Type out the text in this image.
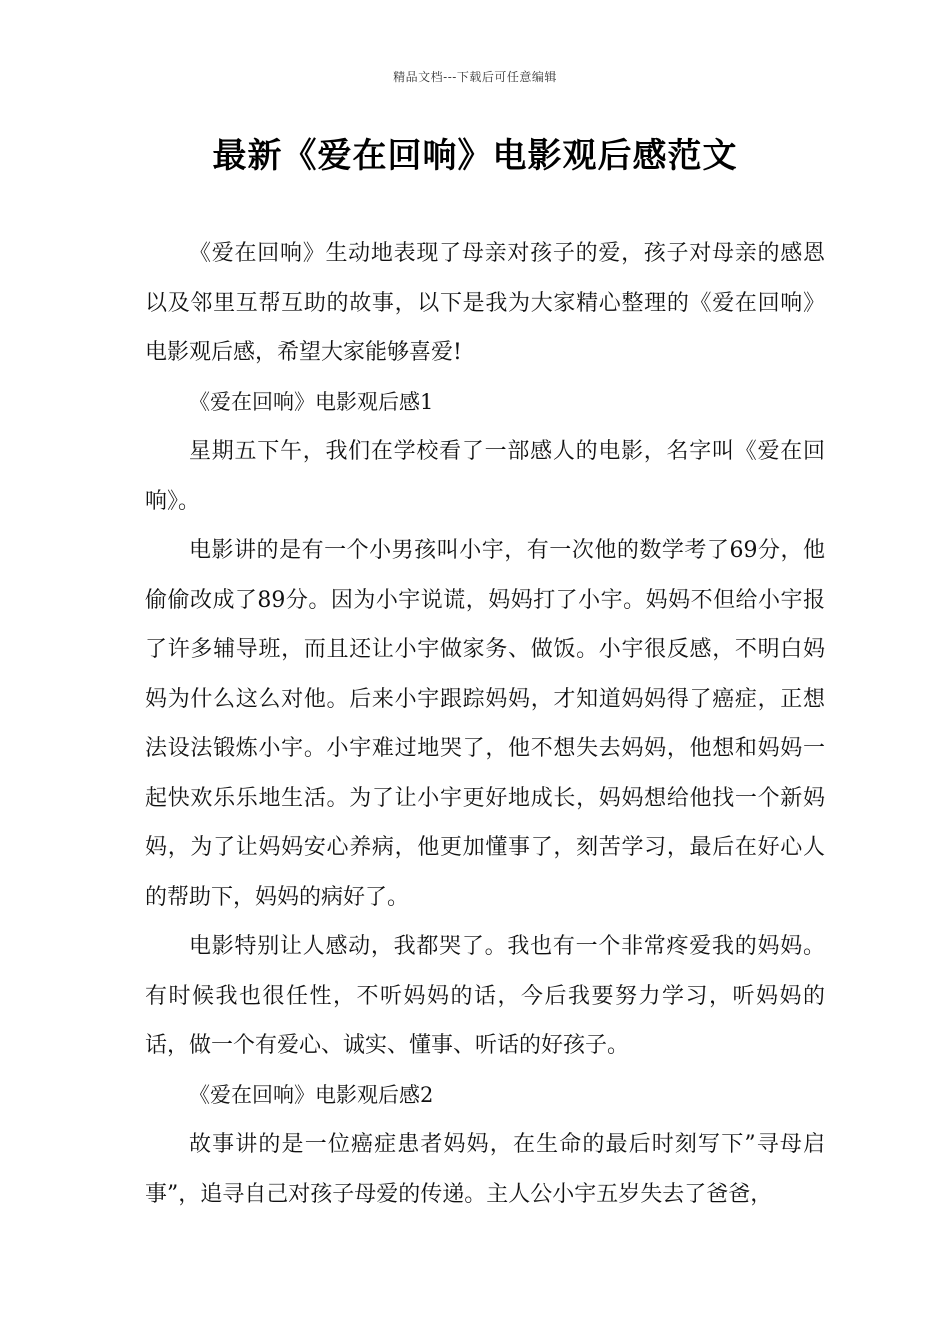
精品文档---下载后可任意编辑
最新《爱在回响》电影观后感范文

《爱在回响》生动地表现了母亲对孩子的爱，孩子对母亲的感恩以及邻里互帮互助的故事，以下是我为大家精心整理的《爱在回响》电影观后感，希望大家能够喜爱!

《爱在回响》电影观后感1

星期五下午，我们在学校看了一部感人的电影，名字叫《爱在回响》。

电影讲的是有一个小男孩叫小宇，有一次他的数学考了69分，他偷偷改成了89分。因为小宇说谎，妈妈打了小宇。妈妈不但给小宇报了许多辅导班，而且还让小宇做家务、做饭。小宇很反感，不明白妈妈为什么这么对他。后来小宇跟踪妈妈，才知道妈妈得了癌症，正想法设法锻炼小宇。小宇难过地哭了，他不想失去妈妈，他想和妈妈一起快欢乐乐地生活。为了让小宇更好地成长，妈妈想给他找一个新妈妈，为了让妈妈安心养病，他更加懂事了，刻苦学习，最后在好心人的帮助下，妈妈的病好了。

电影特别让人感动，我都哭了。我也有一个非常疼爱我的妈妈。有时候我也很任性，不听妈妈的话，今后我要努力学习，听妈妈的话，做一个有爱心、诚实、懂事、听话的好孩子。

《爱在回响》电影观后感2

故事讲的是一位癌症患者妈妈，在生命的最后时刻写下”寻母启事”，追寻自己对孩子母爱的传递。主人公小宇五岁失去了爸爸，
